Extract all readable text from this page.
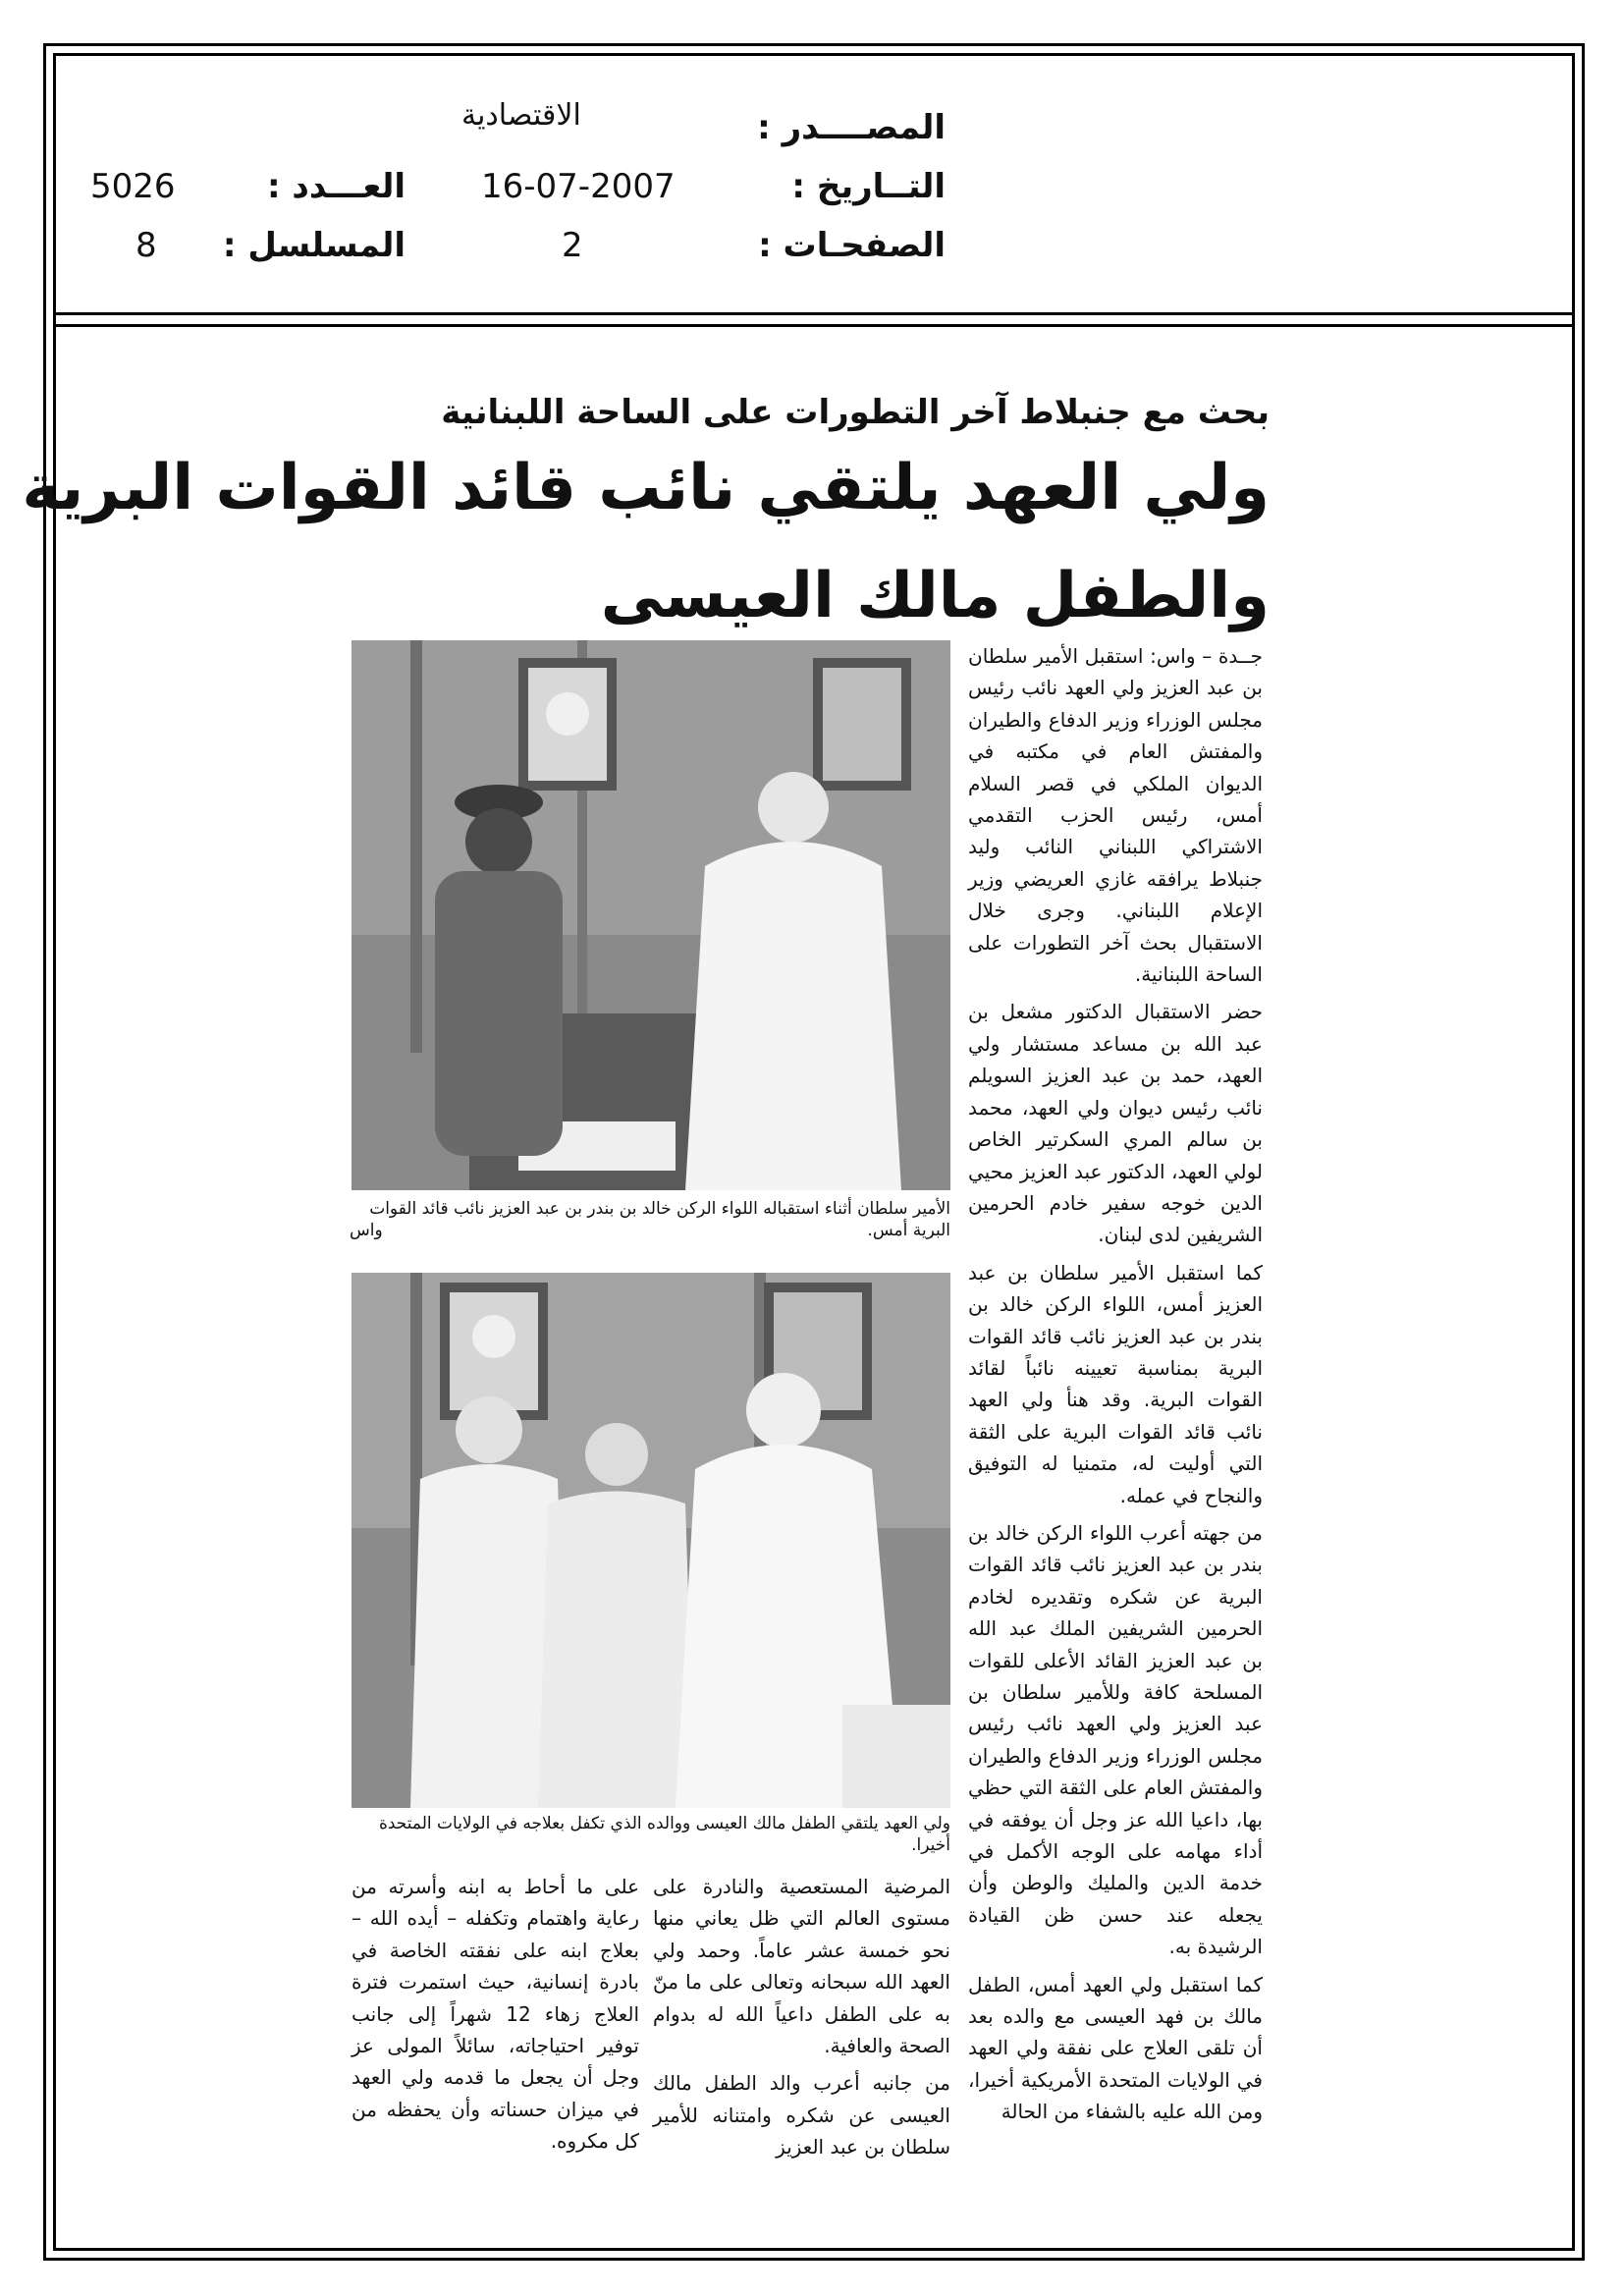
المصــــدر :
الاقتصادية
التــاريخ :
16-07-2007
العـــدد :
5026
الصفحـات :
2
المسلسل :
8
بحث مع جنبلاط آخر التطورات على الساحة اللبنانية
ولي العهد يلتقي نائب قائد القوات البرية
والطفل مالك العيسى
الأمير سلطان أثناء استقباله اللواء الركن خالد بن بندر بن عبد العزيز نائب قائد القوات البرية أمس.
واس
ولي العهد يلتقي الطفل مالك العيسى ووالده الذي تكفل بعلاجه في الولايات المتحدة أخيرا.

جــدة – واس: استقبل الأمير سلطان بن عبد العزيز ولي العهد نائب رئيس مجلس الوزراء وزير الدفاع والطيران والمفتش العام في مكتبه في الديوان الملكي في قصر السلام أمس، رئيس الحزب التقدمي الاشتراكي اللبناني النائب وليد جنبلاط يرافقه غازي العريضي وزير الإعلام اللبناني. وجرى خلال الاستقبال بحث آخر التطورات على الساحة اللبنانية.

حضر الاستقبال الدكتور مشعل بن عبد الله بن مساعد مستشار ولي العهد، حمد بن عبد العزيز السويلم نائب رئيس ديوان ولي العهد، محمد بن سالم المري السكرتير الخاص لولي العهد، الدكتور عبد العزيز محيي الدين خوجه سفير خادم الحرمين الشريفين لدى لبنان.

كما استقبل الأمير سلطان بن عبد العزيز أمس، اللواء الركن خالد بن بندر بن عبد العزيز نائب قائد القوات البرية بمناسبة تعيينه نائباً لقائد القوات البرية. وقد هنأ ولي العهد نائب قائد القوات البرية على الثقة التي أوليت له، متمنيا له التوفيق والنجاح في عمله.

من جهته أعرب اللواء الركن خالد بن بندر بن عبد العزيز نائب قائد القوات البرية عن شكره وتقديره لخادم الحرمين الشريفين الملك عبد الله بن عبد العزيز القائد الأعلى للقوات المسلحة كافة وللأمير سلطان بن عبد العزيز ولي العهد نائب رئيس مجلس الوزراء وزير الدفاع والطيران والمفتش العام على الثقة التي حظي بها، داعيا الله عز وجل أن يوفقه في أداء مهامه على الوجه الأكمل في خدمة الدين والمليك والوطن وأن يجعله عند حسن ظن القيادة الرشيدة به.

كما استقبل ولي العهد أمس، الطفل مالك بن فهد العيسى مع والده بعد أن تلقى العلاج على نفقة ولي العهد في الولايات المتحدة الأمريكية أخيرا، ومن الله عليه بالشفاء من الحالة

المرضية المستعصية والنادرة على مستوى العالم التي ظل يعاني منها نحو خمسة عشر عاماً. وحمد ولي العهد الله سبحانه وتعالى على ما منّ به على الطفل داعياً الله له بدوام الصحة والعافية.

من جانبه أعرب والد الطفل مالك العيسى عن شكره وامتنانه للأمير سلطان بن عبد العزيز

على ما أحاط به ابنه وأسرته من رعاية واهتمام وتكفله – أيده الله – بعلاج ابنه على نفقته الخاصة في بادرة إنسانية، حيث استمرت فترة العلاج زهاء 12 شهراً إلى جانب توفير احتياجاته، سائلاً المولى عز وجل أن يجعل ما قدمه ولي العهد في ميزان حسناته وأن يحفظه من كل مكروه.
